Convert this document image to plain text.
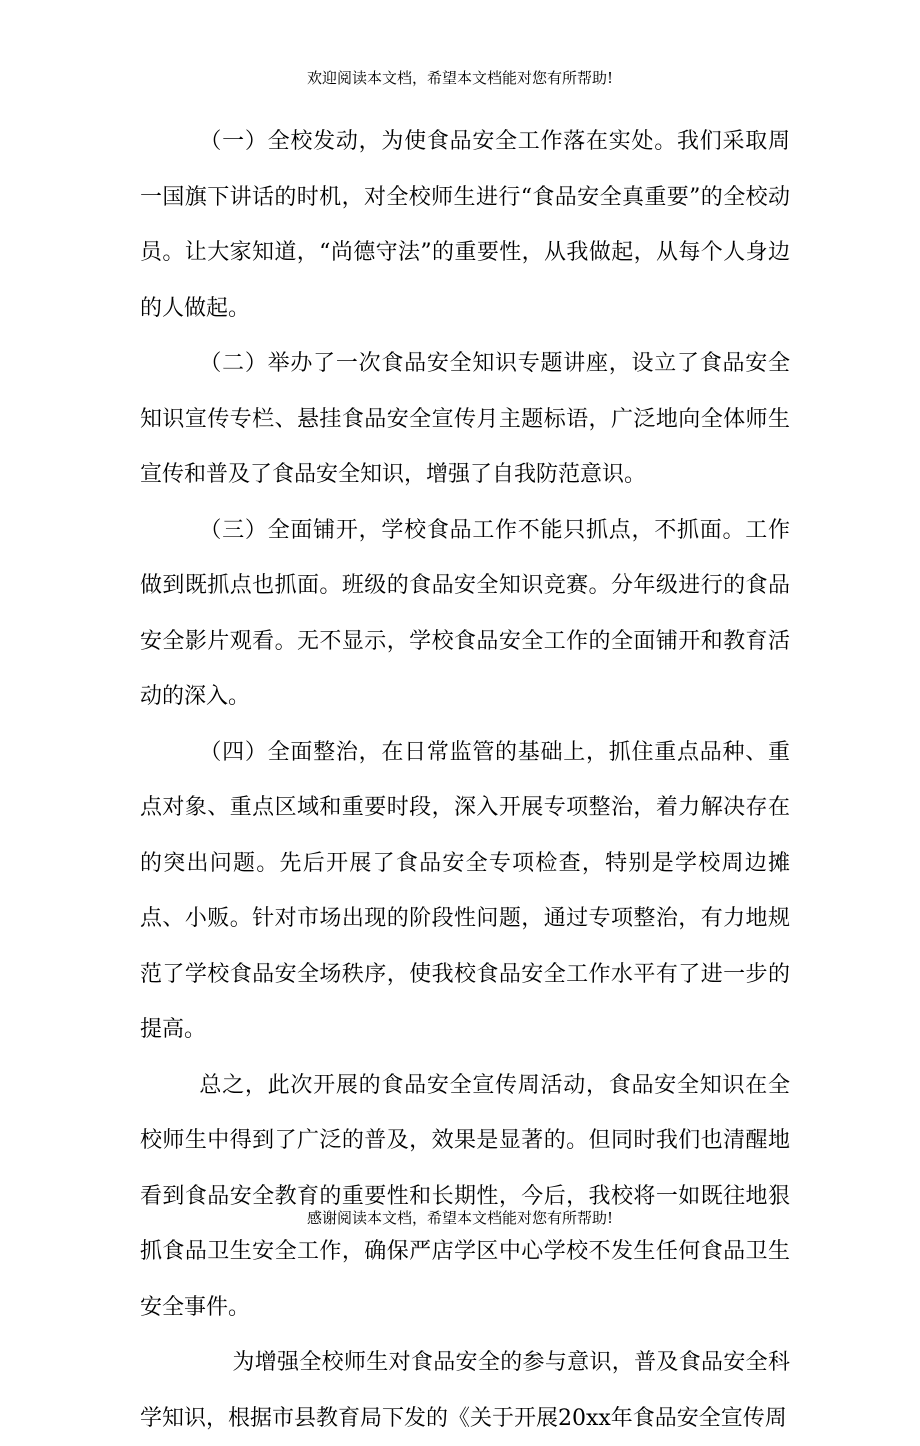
欢迎阅读本文档，希望本文档能对您有所帮助!

（一）全校发动，为使食品安全工作落在实处。我们采取周一国旗下讲话的时机，对全校师生进行“食品安全真重要”的全校动员。让大家知道，“尚德守法”的重要性，从我做起，从每个人身边的人做起。

（二）举办了一次食品安全知识专题讲座，设立了食品安全知识宣传专栏、悬挂食品安全宣传月主题标语，广泛地向全体师生宣传和普及了食品安全知识，增强了自我防范意识。

（三）全面铺开，学校食品工作不能只抓点，不抓面。工作做到既抓点也抓面。班级的食品安全知识竞赛。分年级进行的食品安全影片观看。无不显示，学校食品安全工作的全面铺开和教育活动的深入。

（四）全面整治，在日常监管的基础上，抓住重点品种、重点对象、重点区域和重要时段，深入开展专项整治，着力解决存在的突出问题。先后开展了食品安全专项检查，特别是学校周边摊点、小贩。针对市场出现的阶段性问题，通过专项整治，有力地规范了学校食品安全场秩序，使我校食品安全工作水平有了进一步的提高。

总之，此次开展的食品安全宣传周活动，食品安全知识在全校师生中得到了广泛的普及，效果是显著的。但同时我们也清醒地看到食品安全教育的重要性和长期性，今后，我校将一如既往地狠抓食品卫生安全工作，确保严店学区中心学校不发生任何食品卫生安全事件。

为增强全校师生对食品安全的参与意识，普及食品安全科学知识，根据市县教育局下发的《关于开展20xx年食品安全宣传周

感谢阅读本文档，希望本文档能对您有所帮助!
